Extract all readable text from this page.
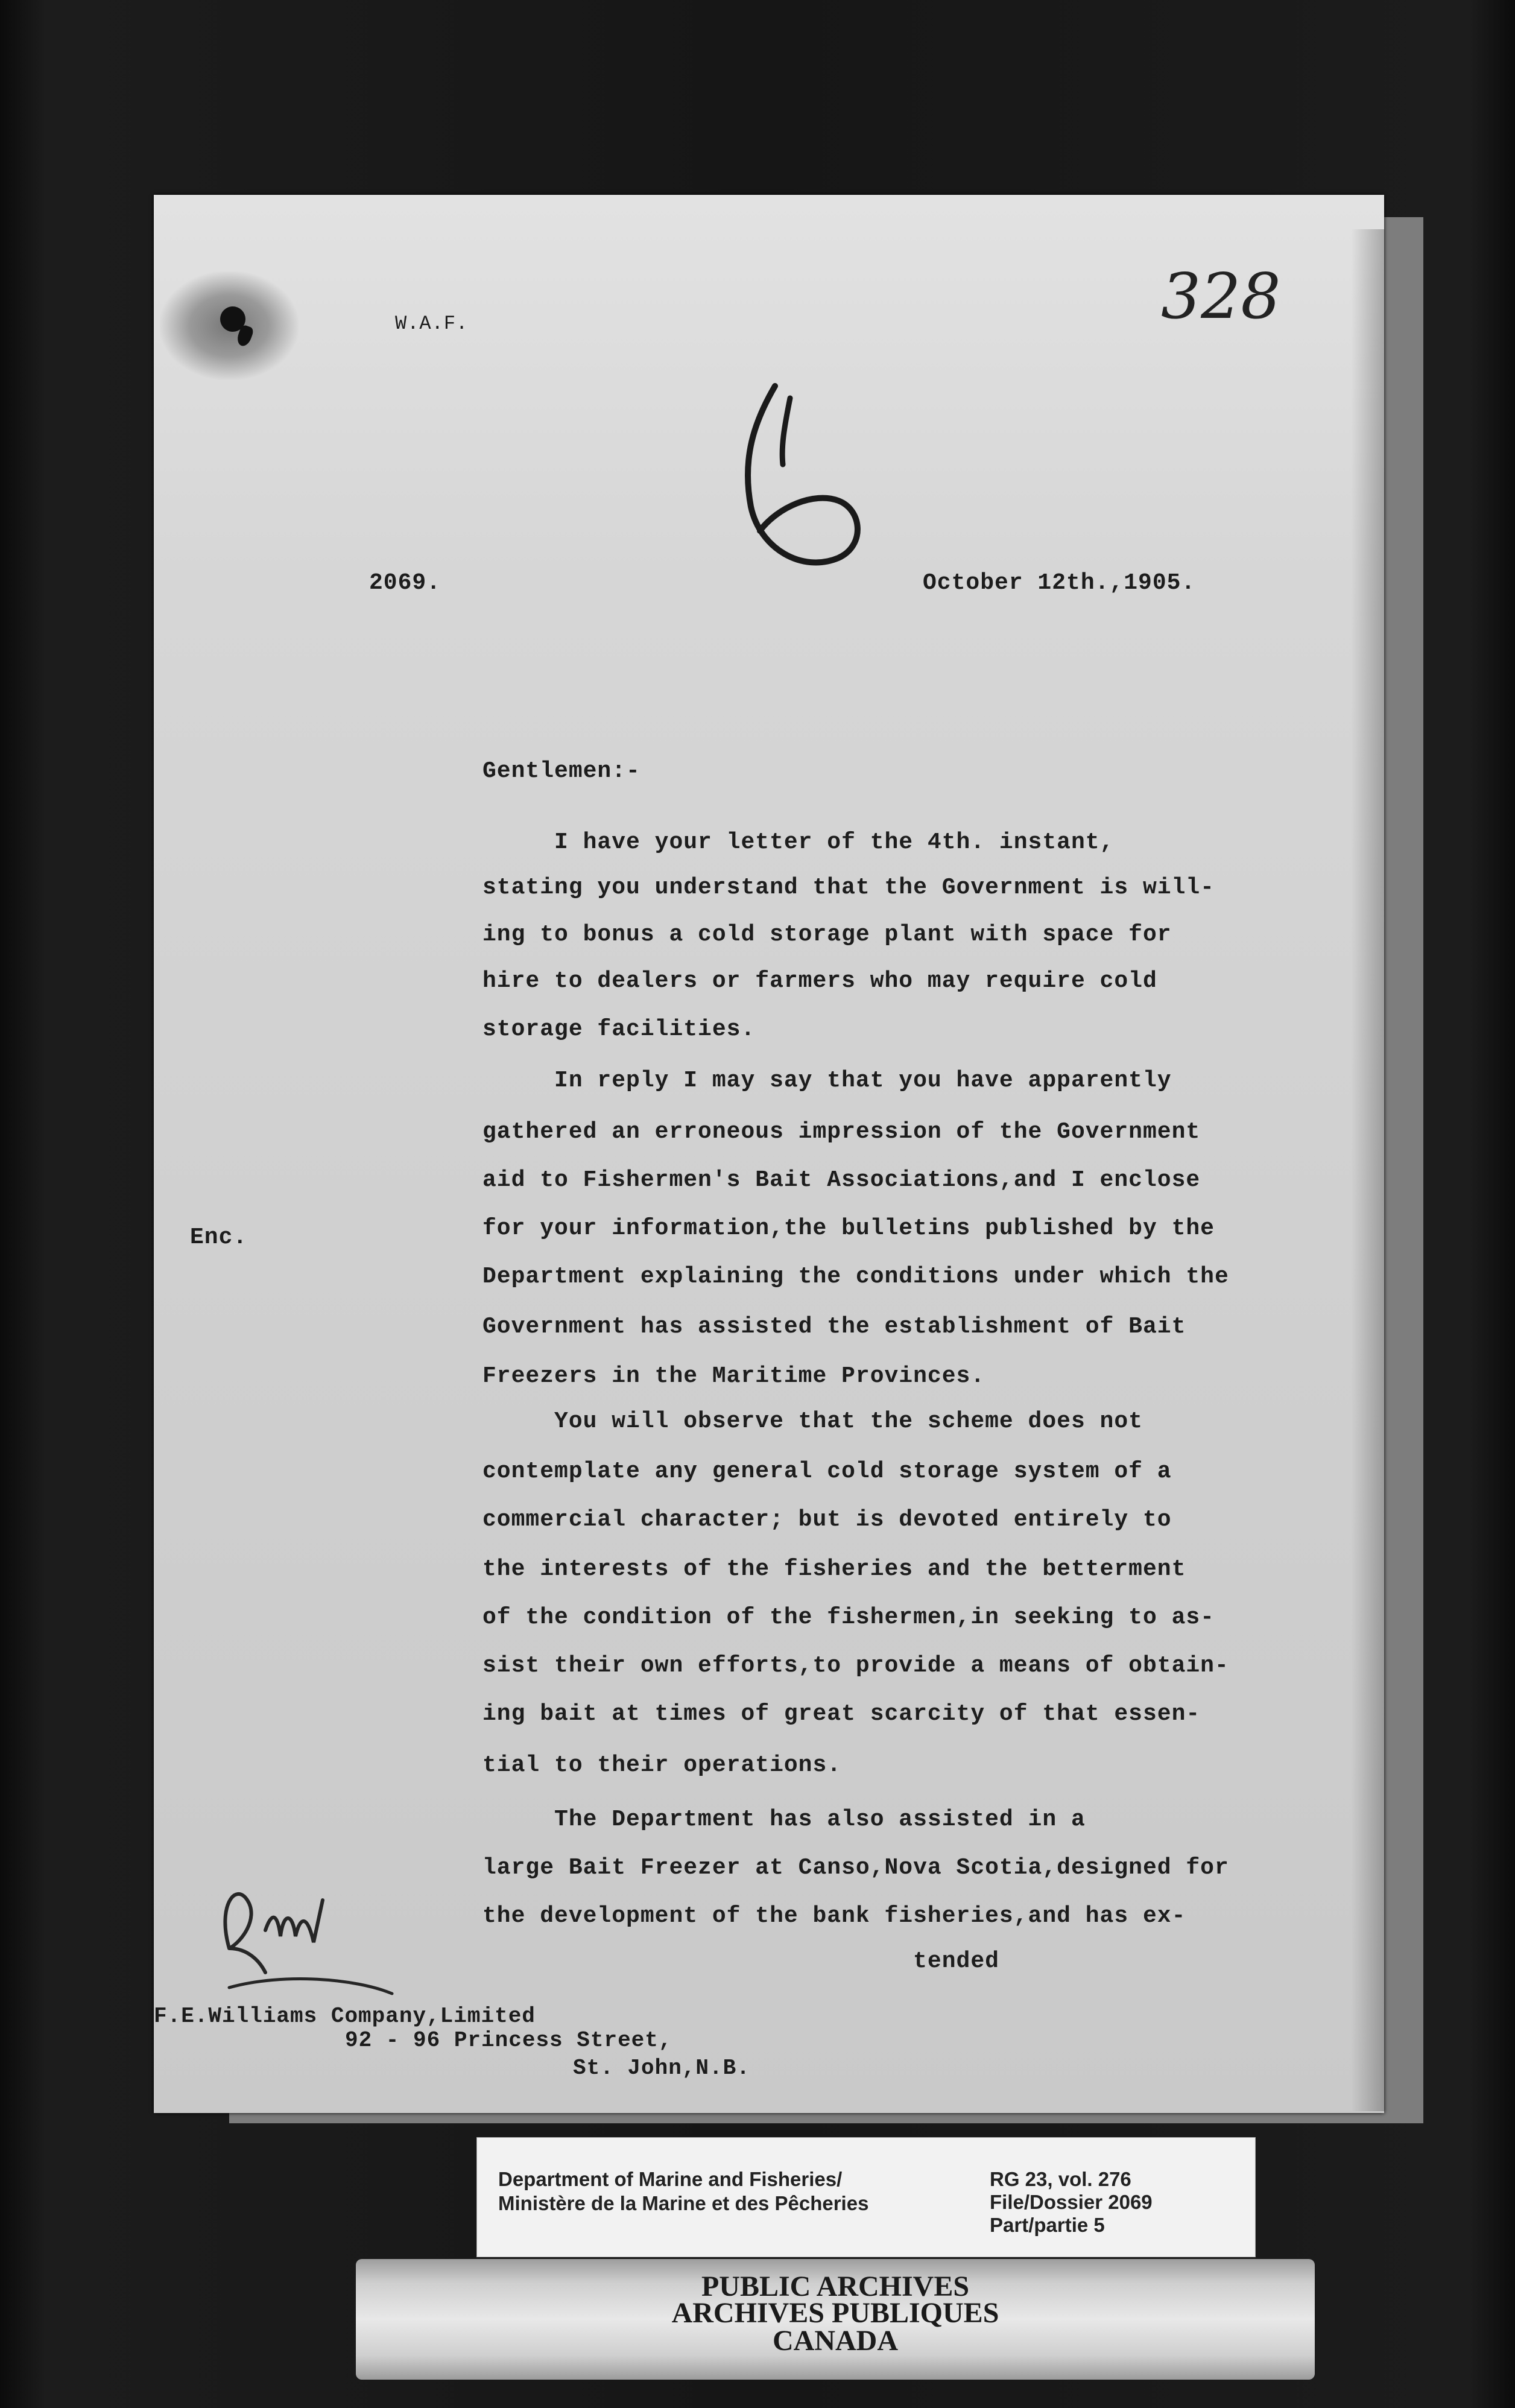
W.A.F.
2069.	October 12th.,1905.
328
Gentlemen:-
Enc.
I have your letter of the 4th. instant,
stating you understand that the Government is will-
ing to bonus a cold storage plant with space for
hire to dealers or farmers who may require cold
storage facilities.
In reply I may say that you have apparently
gathered an erroneous impression of the Government
aid to Fishermen's Bait Associations,and I enclose
for your information,the bulletins published by the
Department explaining the conditions under which the
Government has assisted the establishment of Bait
Freezers in the Maritime Provinces.
You will observe that the scheme does not
contemplate any general cold storage system of a
commercial character; but is devoted entirely to
the interests of the fisheries and the betterment
of the condition of the fishermen,in seeking to as-
sist their own efforts,to provide a means of obtain-
ing bait at times of great scarcity of that essen-
tial to their operations.
The Department has also assisted in a
large Bait Freezer at Canso,Nova Scotia,designed for
the development of the bank fisheries,and has ex-
tended
F.E.Williams Company,Limited
92 - 96 Princess Street,
St. John,N.B.
Department of Marine and Fisheries/
Ministère de la Marine et des Pêcheries
RG 23, vol. 276
File/Dossier 2069
Part/partie 5
PUBLIC ARCHIVES
ARCHIVES PUBLIQUES
CANADA
